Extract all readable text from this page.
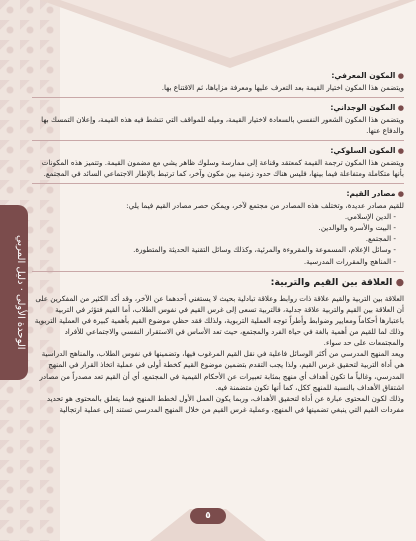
الوحدة الأولى · دليل المربي

● المكون المعرفي:

ويتضمن هذا المكون اختيار القيمة بعد التعرف عليها ومعرفة مزاياها، ثم الاقتناع بها.

● المكون الوجداني:

ويتضمن هذا المكون الشعور النفسي بالسعادة لاختيار القيمة، وميله للمواقف التي تنشط فيه هذه القيمة، وإعلان التمسك بها والدفاع عنها.

● المكون السلوكي:

ويتضمن هذا المكون ترجمة القيمة كمعتقد وقناعة إلى ممارسة وسلوك ظاهر يشي مع مضمون القيمة. وتتميز هذه المكونات بأنها متكاملة ومتفاعلة فيما بينها، فليس هناك حدود زمنية بين مكون وآخر، كما ترتبط بالإطار الاجتماعي السائد في المجتمع.

● مصادر القيم:

للقيم مصادر عديدة، وتختلف هذه المصادر من مجتمع لآخر، ويمكن حصر مصادر القيم فيما يلي:

- الدين الإسلامي.
- البيت والأسرة والوالدين.
- المجتمع.
- وسائل الإعلام، المسموعة والمقروءة والمرئية، وكذلك وسائل التقنية الحديثة والمتطورة.
- المناهج والمقررات المدرسية.

● العلاقة بين القيم والتربية:

العلاقة بين التربية والقيم علاقة ذات روابط وعلاقة تبادلية بحيث لا يستغني أحدهما عن الآخر، وقد أكد الكثير من المفكرين على أن العلاقة بين القيم والتربية علاقة جدلية، فالتربية تسعى إلى غرس القيم في نفوس الطلاب، أما القيم فتؤثر في التربية باعتبارها أحكاماً ومعايير وضوابط وأطراً توجه العملية التربوية، ولذلك فقد حظي موضوع القيم بأهمية كبيرة في العملية التربوية وذلك لما للقيم من أهمية بالغة في حياة الفرد والمجتمع، حيث تعد الأساس في الاستقرار النفسي والاجتماعي للأفراد والمجتمعات على حد سواء.

ويعد المنهج المدرسي من أكثر الوسائل فاعلية في نقل القيم المرغوب فيها، وتضمينها في نفوس الطلاب، والمناهج الدراسية هي أداة التربية لتحقيق غرس القيم، ولذا يجب التقدم بتضمين موضوع القيم كخطة أولى في عملية اتخاذ القرار في المنهج المدرسي، وغالباً ما تكون أهداف أي منهج بمثابة تعبيرات عن الأحكام القيمية في المجتمع، أي أن القيم تعد مصدراً من مصادر اشتقاق الأهداف بالنسبة للمنهج ككل، كما أنها تكون متضمنة فيه.

وذلك لكون المحتوى عبارة عن أداة لتحقيق الأهداف، وربما يكون العمل الأول لخطط المنهج فيما يتعلق بالمحتوى هو تحديد مفردات القيم التي ينبغي تضمينها في المنهج، وعملية غرس القيم من خلال المنهج المدرسي تستند إلى عملية ارتجالية

٥
